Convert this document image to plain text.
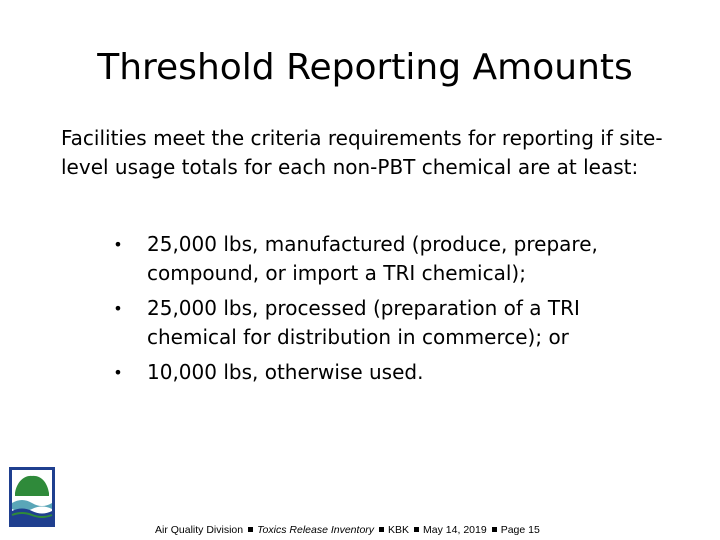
Threshold Reporting Amounts
Facilities meet the criteria requirements for reporting if site-level usage totals for each non-PBT chemical are at least:
• 25,000 lbs, manufactured (produce, prepare, compound, or import a TRI chemical);
• 25,000 lbs, processed (preparation of a TRI chemical for distribution in commerce); or
• 10,000 lbs, otherwise used.
Air Quality Division Toxics Release Inventory KBK May 14, 2019 Page 15
